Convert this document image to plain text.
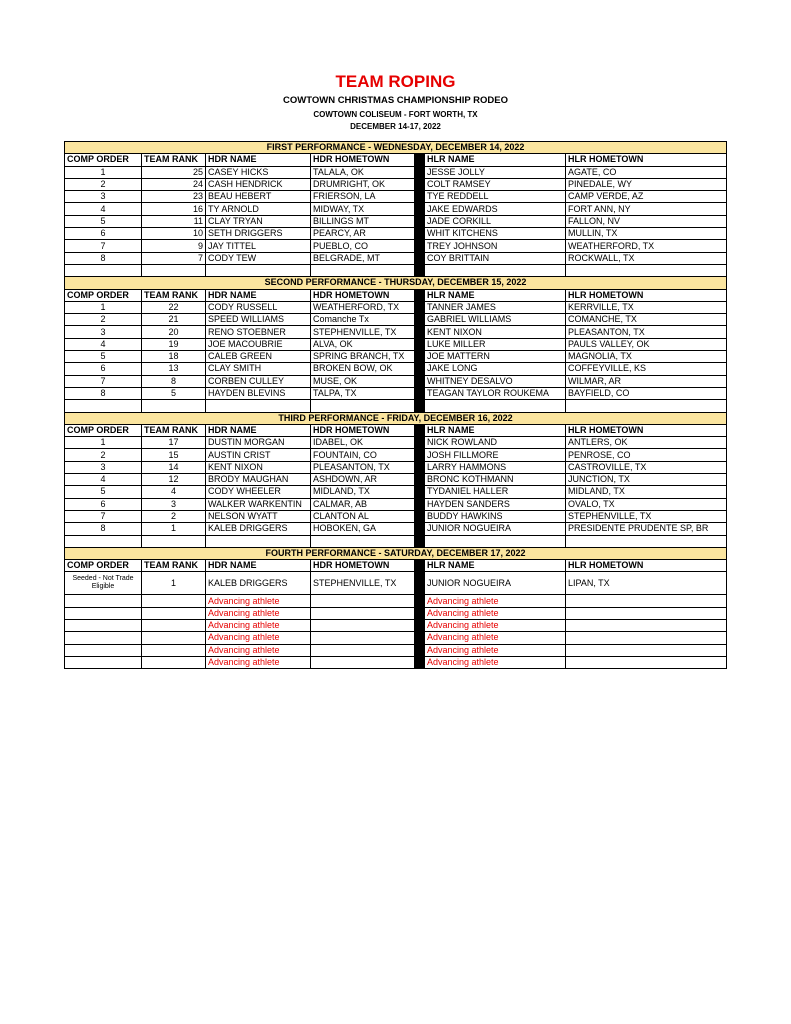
TEAM ROPING
COWTOWN CHRISTMAS CHAMPIONSHIP RODEO
COWTOWN COLISEUM - FORT WORTH, TX
DECEMBER 14-17, 2022
FIRST PERFORMANCE - WEDNESDAY, DECEMBER 14, 2022						
COMP ORDER	TEAM RANK	HDR NAME	HDR HOMETOWN		HLR NAME	HLR HOMETOWN
1	25	CASEY HICKS	TALALA, OK		JESSE JOLLY	AGATE, CO
2	24	CASH HENDRICK	DRUMRIGHT, OK		COLT RAMSEY	PINEDALE, WY
3	23	BEAU HEBERT	FRIERSON, LA		TYE REDDELL	CAMP VERDE, AZ
4	16	TY ARNOLD	MIDWAY, TX		JAKE EDWARDS	FORT ANN, NY
5	11	CLAY TRYAN	BILLINGS MT		JADE CORKILL	FALLON, NV
6	10	SETH DRIGGERS	PEARCY, AR		WHIT KITCHENS	MULLIN, TX
7	9	JAY TITTEL	PUEBLO, CO		TREY JOHNSON	WEATHERFORD, TX
8	7	CODY TEW	BELGRADE, MT		COY BRITTAIN	ROCKWALL, TX

SECOND PERFORMANCE - THURSDAY, DECEMBER 15, 2022						
COMP ORDER	TEAM RANK	HDR NAME	HDR HOMETOWN		HLR NAME	HLR HOMETOWN
1	22	CODY RUSSELL	WEATHERFORD, TX		TANNER JAMES	KERRVILLE, TX
2	21	SPEED WILLIAMS	Comanche Tx		GABRIEL WILLIAMS	COMANCHE, TX
3	20	RENO STOEBNER	STEPHENVILLE, TX		KENT NIXON	PLEASANTON, TX
4	19	JOE MACOUBRIE	ALVA, OK		LUKE MILLER	PAULS VALLEY, OK
5	18	CALEB GREEN	SPRING BRANCH, TX		JOE MATTERN	MAGNOLIA, TX
6	13	CLAY SMITH	BROKEN BOW, OK		JAKE LONG	COFFEYVILLE, KS
7	8	CORBEN CULLEY	MUSE, OK		WHITNEY DESALVO	WILMAR, AR
8	5	HAYDEN BLEVINS	TALPA, TX		TEAGAN TAYLOR ROUKEMA	BAYFIELD, CO

THIRD PERFORMANCE - FRIDAY, DECEMBER 16, 2022						
COMP ORDER	TEAM RANK	HDR NAME	HDR HOMETOWN		HLR NAME	HLR HOMETOWN
1	17	DUSTIN MORGAN	IDABEL, OK		NICK ROWLAND	ANTLERS, OK
2	15	AUSTIN CRIST	FOUNTAIN, CO		JOSH FILLMORE	PENROSE, CO
3	14	KENT NIXON	PLEASANTON, TX		LARRY HAMMONS	CASTROVILLE, TX
4	12	BRODY MAUGHAN	ASHDOWN, AR		BRONC KOTHMANN	JUNCTION, TX
5	4	CODY WHEELER	MIDLAND, TX		TYDANIEL HALLER	MIDLAND, TX
6	3	WALKER WARKENTIN	CALMAR, AB		HAYDEN SANDERS	OVALO, TX
7	2	NELSON WYATT	CLANTON AL		BUDDY HAWKINS	STEPHENVILLE, TX
8	1	KALEB DRIGGERS	HOBOKEN, GA		JUNIOR NOGUEIRA	PRESIDENTE PRUDENTE SP, BR

FOURTH PERFORMANCE - SATURDAY, DECEMBER 17, 2022						
COMP ORDER	TEAM RANK	HDR NAME	HDR HOMETOWN		HLR NAME	HLR HOMETOWN
Seeded - Not Trade Eligible	1	KALEB DRIGGERS	STEPHENVILLE, TX		JUNIOR NOGUEIRA	LIPAN, TX
		Advancing athlete			Advancing athlete	
		Advancing athlete			Advancing athlete	
		Advancing athlete			Advancing athlete	
		Advancing athlete			Advancing athlete	
		Advancing athlete			Advancing athlete	
		Advancing athlete			Advancing athlete	
